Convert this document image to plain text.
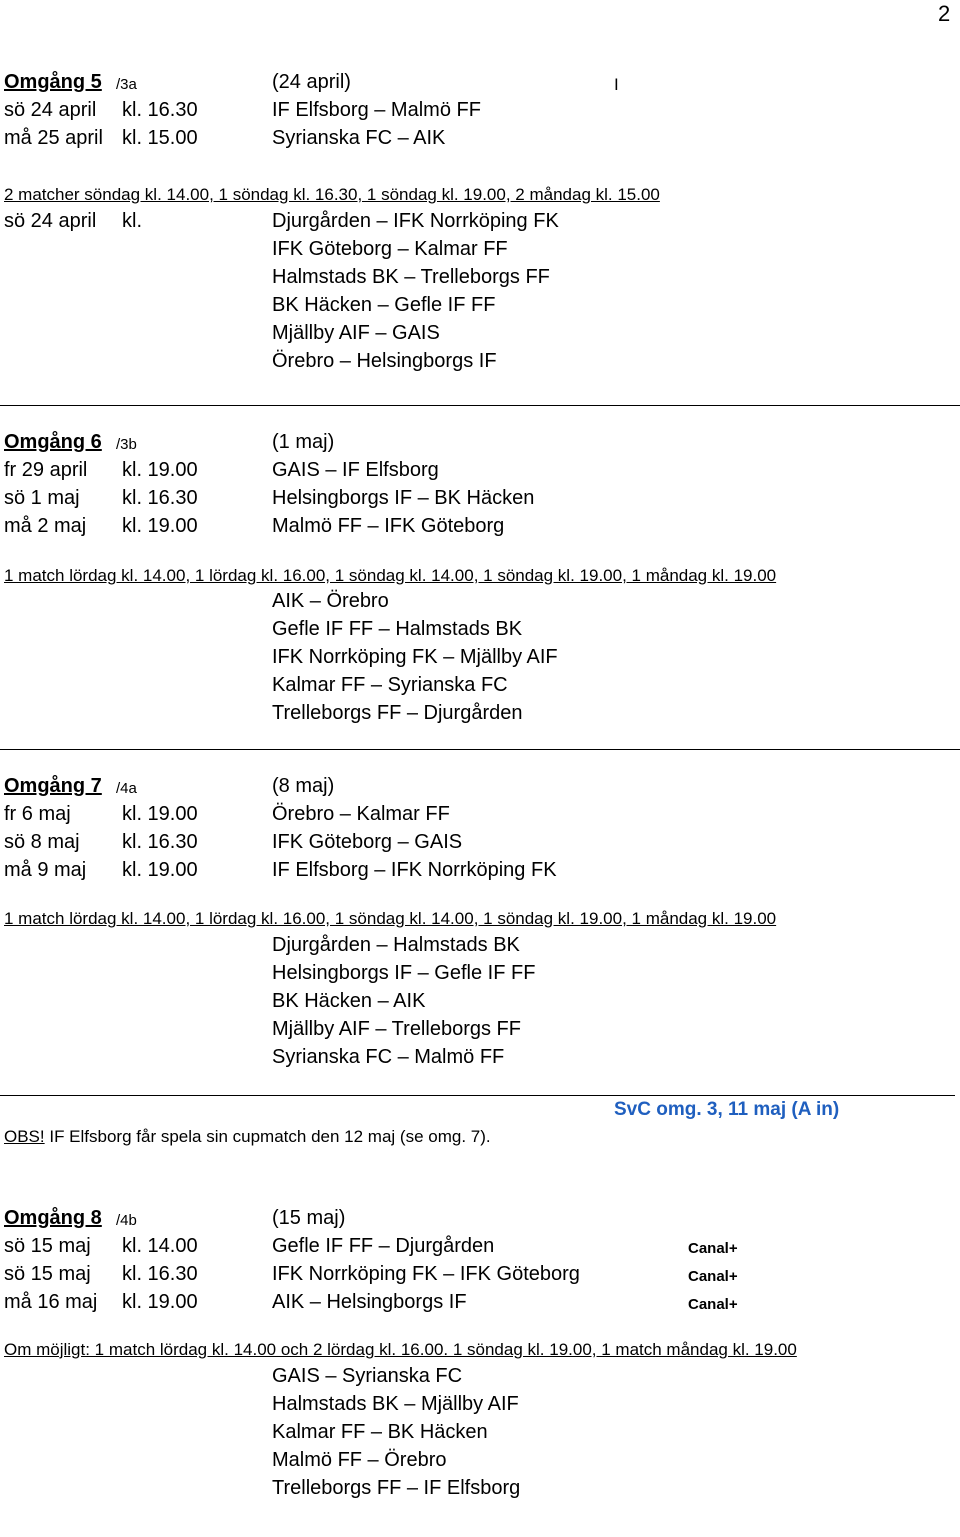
2
I
Omgång 5 /3a	(24 april)
sö 24 april kl. 16.30	IF Elfsborg – Malmö FF
må 25 april kl. 15.00	Syrianska FC – AIK
2 matcher söndag kl. 14.00, 1 söndag kl. 16.30, 1 söndag kl. 19.00, 2 måndag kl. 15.00
sö 24 april kl.	Djurgården – IFK Norrköping FK
IFK Göteborg – Kalmar FF
Halmstads BK – Trelleborgs FF
BK Häcken – Gefle IF FF
Mjällby AIF – GAIS
Örebro – Helsingborgs IF
Omgång 6 /3b	(1 maj)
fr 29 april kl. 19.00	GAIS – IF Elfsborg
sö 1 maj kl. 16.30	Helsingborgs IF – BK Häcken
må 2 maj kl. 19.00	Malmö FF – IFK Göteborg
1 match lördag kl. 14.00, 1 lördag kl. 16.00, 1 söndag kl. 14.00, 1 söndag kl. 19.00, 1 måndag kl. 19.00
AIK – Örebro
Gefle IF FF – Halmstads BK
IFK Norrköping FK – Mjällby AIF
Kalmar FF – Syrianska FC
Trelleborgs FF – Djurgården
Omgång 7 /4a	(8 maj)
fr 6 maj	kl. 19.00	Örebro – Kalmar FF
sö 8 maj kl. 16.30	IFK Göteborg – GAIS
må 9 maj kl. 19.00	IF Elfsborg – IFK Norrköping FK
1 match lördag kl. 14.00, 1 lördag kl. 16.00, 1 söndag kl. 14.00, 1 söndag kl. 19.00, 1 måndag kl. 19.00
Djurgården – Halmstads BK
Helsingborgs IF – Gefle IF FF
BK Häcken – AIK
Mjällby AIF – Trelleborgs FF
Syrianska FC – Malmö FF
SvC omg. 3, 11 maj (A in)
OBS! IF Elfsborg får spela sin cupmatch den 12 maj (se omg. 7).
Omgång 8 /4b	(15 maj)
sö 15 maj kl. 14.00	Gefle IF FF – Djurgården	Canal+
sö 15 maj kl. 16.30	IFK Norrköping FK – IFK Göteborg	Canal+
må 16 maj kl. 19.00	AIK – Helsingborgs IF	Canal+
Om möjligt: 1 match lördag kl. 14.00 och 2 lördag kl. 16.00. 1 söndag kl. 19.00, 1 match måndag kl. 19.00
GAIS – Syrianska FC
Halmstads BK – Mjällby AIF
Kalmar FF – BK Häcken
Malmö FF – Örebro
Trelleborgs FF – IF Elfsborg
